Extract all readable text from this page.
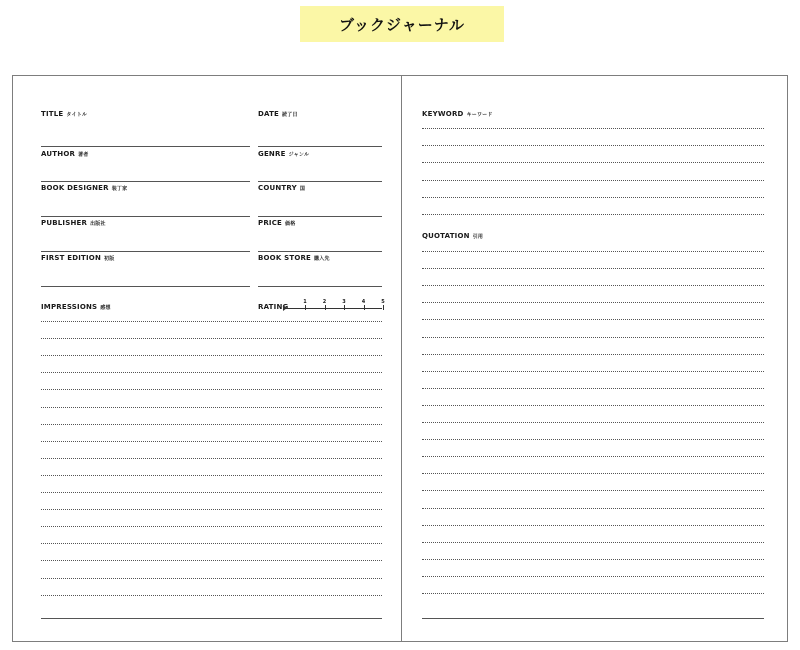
ブックジャーナル
TITLE タイトル	DATE 読了日
AUTHOR 著者	GENRE ジャンル
BOOK DESIGNER 装丁家	COUNTRY 国
PUBLISHER 出版社	PRICE 価格
FIRST EDITION 初版	BOOK STORE 購入先
IMPRESSIONS 感想	RATING
1	2	3	4	5
KEYWORD キーワード
QUOTATION 引用
